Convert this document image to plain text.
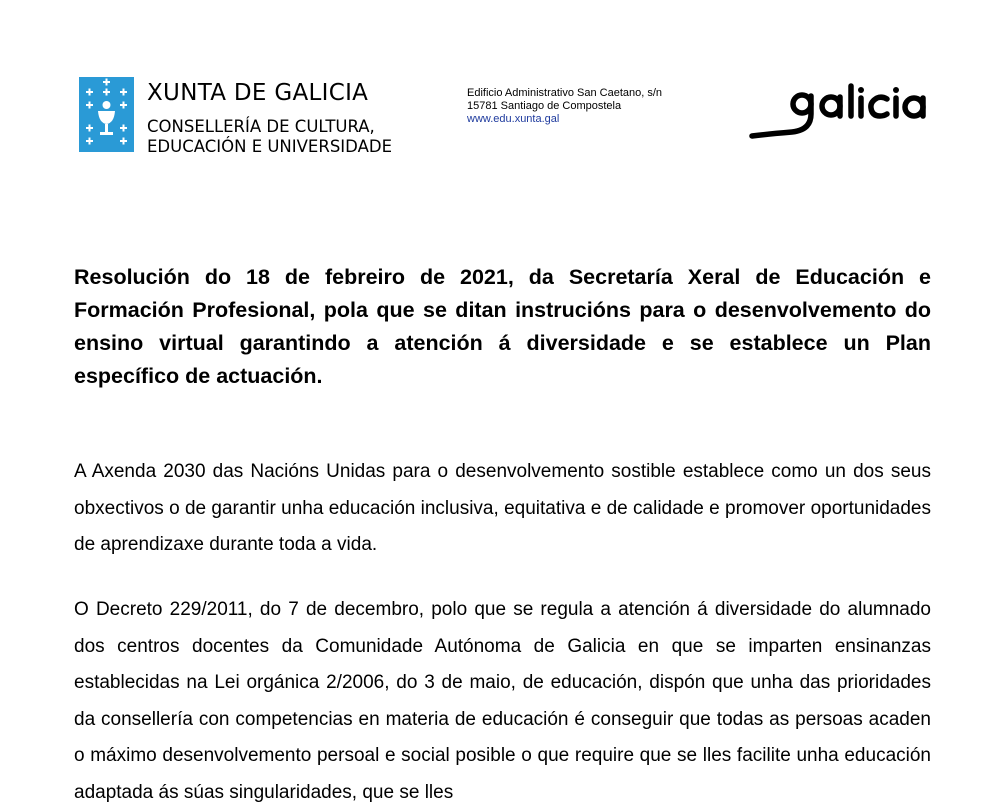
XUNTA DE GALICIA
CONSELLERÍA DE CULTURA,
EDUCACIÓN E UNIVERSIDADE
Edificio Administrativo San Caetano, s/n
15781 Santiago de Compostela
www.edu.xunta.gal
Resolución do 18 de febreiro de 2021, da Secretaría Xeral de Educación e Formación Profesional, pola que se ditan instrucións para o desenvolvemento do ensino virtual garantindo a atención á diversidade e se establece un Plan específico de actuación.

A Axenda 2030 das Nacións Unidas para o desenvolvemento sostible establece como un dos seus obxectivos o de garantir unha educación inclusiva, equitativa e de calidade e promover oportunidades de aprendizaxe durante toda a vida.

O Decreto 229/2011, do 7 de decembro, polo que se regula a atención á diversidade do alumnado dos centros docentes da Comunidade Autónoma de Galicia en que se imparten ensinanzas establecidas na Lei orgánica 2/2006, do 3 de maio, de educación, dispón que unha das prioridades da consellería con competencias en materia de educación é conseguir que todas as persoas acaden o máximo desenvolvemento persoal e social posible o que require que se lles facilite unha educación adaptada ás súas singularidades, que se lles
